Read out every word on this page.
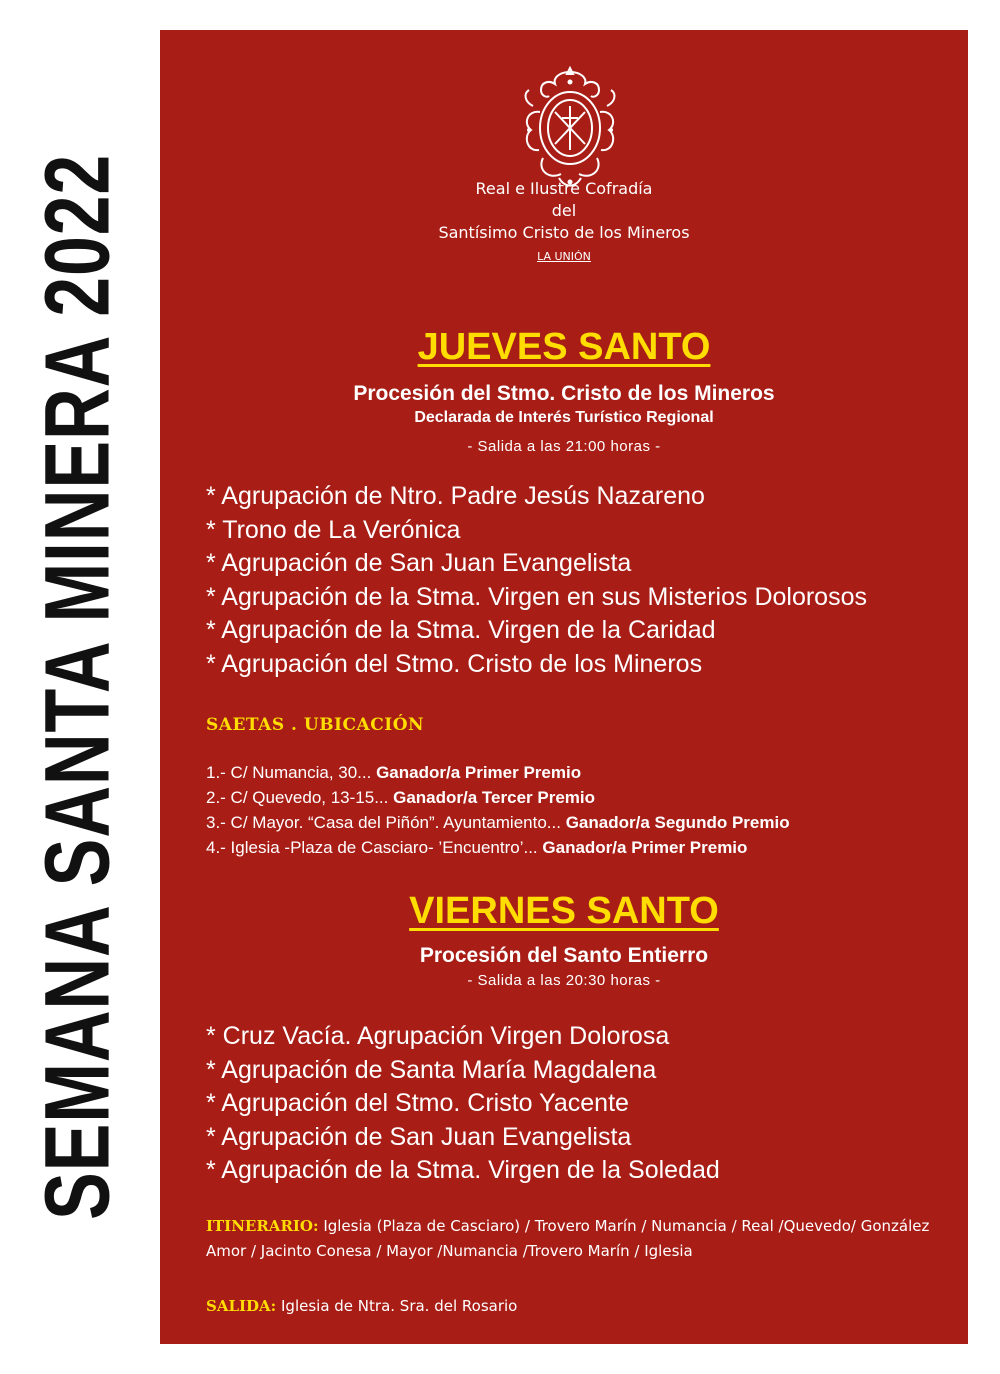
SEMANA SANTA MINERA 2022	Real e Ilustre Cofradía
del
Santísimo Cristo de los Mineros
LA UNIÓN
JUEVES SANTO
Procesión del Stmo. Cristo de los Mineros
Declarada de Interés Turístico Regional
- Salida a las 21:00 horas -
* Agrupación de Ntro. Padre Jesús Nazareno
* Trono de La Verónica
* Agrupación de San Juan Evangelista
* Agrupación de la Stma. Virgen en sus Misterios Dolorosos
* Agrupación de la Stma. Virgen de la Caridad
* Agrupación del Stmo. Cristo de los Mineros
SAETAS . UBICACIÓN
1.- C/ Numancia, 30... Ganador/a Primer Premio
2.- C/ Quevedo, 13-15... Ganador/a Tercer Premio
3.- C/ Mayor. “Casa del Piñón”. Ayuntamiento... Ganador/a Segundo Premio
4.- Iglesia -Plaza de Casciaro- ’Encuentro’... Ganador/a Primer Premio
VIERNES SANTO
Procesión del Santo Entierro
- Salida a las 20:30 horas -
* Cruz Vacía. Agrupación Virgen Dolorosa
* Agrupación de Santa María Magdalena
* Agrupación del Stmo. Cristo Yacente
* Agrupación de San Juan Evangelista
* Agrupación de la Stma. Virgen de la Soledad
ITINERARIO: Iglesia (Plaza de Casciaro) / Trovero Marín / Numancia / Real /Quevedo/ González Amor / Jacinto Conesa / Mayor /Numancia /Trovero Marín / Iglesia
SALIDA: Iglesia de Ntra. Sra. del Rosario
